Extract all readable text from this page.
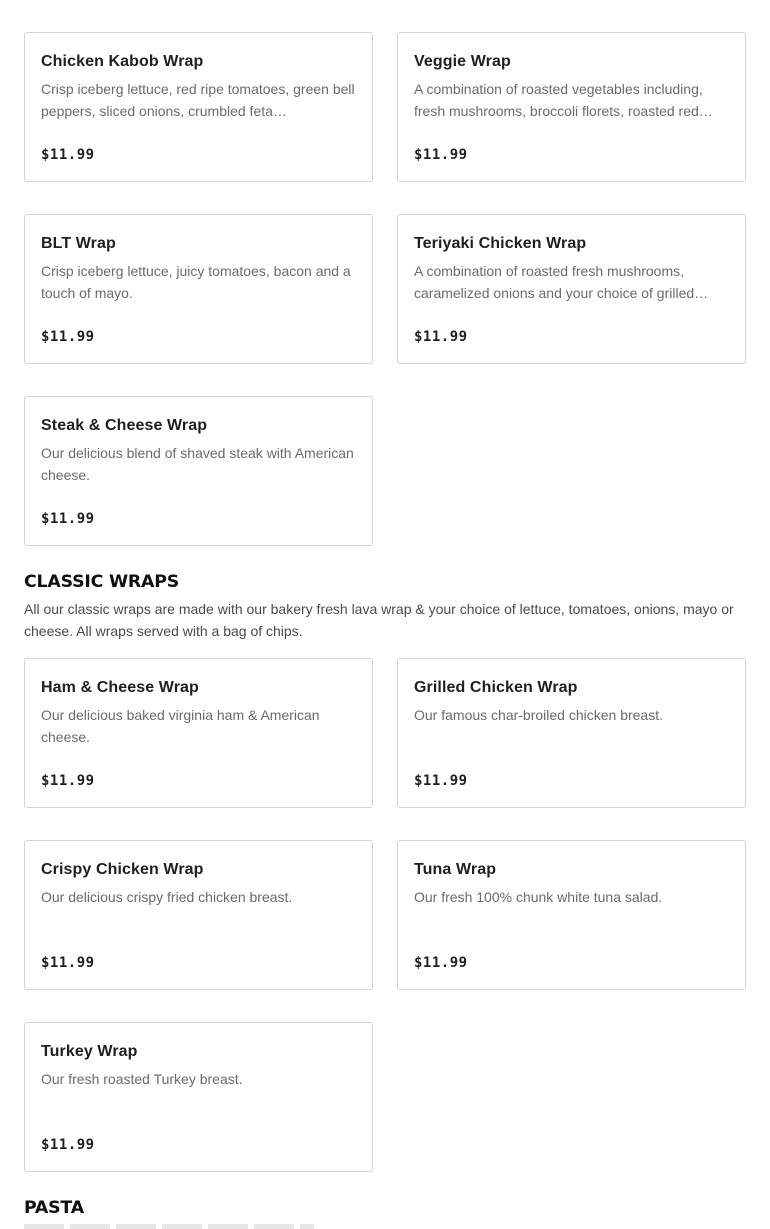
Chicken Kabob Wrap
Crisp iceberg lettuce, red ripe tomatoes, green bell peppers, sliced onions, crumbled feta…
$11.99
Veggie Wrap
A combination of roasted vegetables including, fresh mushrooms, broccoli florets, roasted red…
$11.99
BLT Wrap
Crisp iceberg lettuce, juicy tomatoes, bacon and a touch of mayo.
$11.99
Teriyaki Chicken Wrap
A combination of roasted fresh mushrooms, caramelized onions and your choice of grilled…
$11.99
Steak & Cheese Wrap
Our delicious blend of shaved steak with American cheese.
$11.99
CLASSIC WRAPS

All our classic wraps are made with our bakery fresh lava wrap & your choice of lettuce, tomatoes, onions, mayo or cheese. All wraps served with a bag of chips.

Ham & Cheese Wrap
Our delicious baked virginia ham & American cheese.
$11.99
Grilled Chicken Wrap
Our famous char-broiled chicken breast.
$11.99
Crispy Chicken Wrap
Our delicious crispy fried chicken breast.
$11.99
Tuna Wrap
Our fresh 100% chunk white tuna salad.
$11.99
Turkey Wrap
Our fresh roasted Turkey breast.
$11.99
PASTA
